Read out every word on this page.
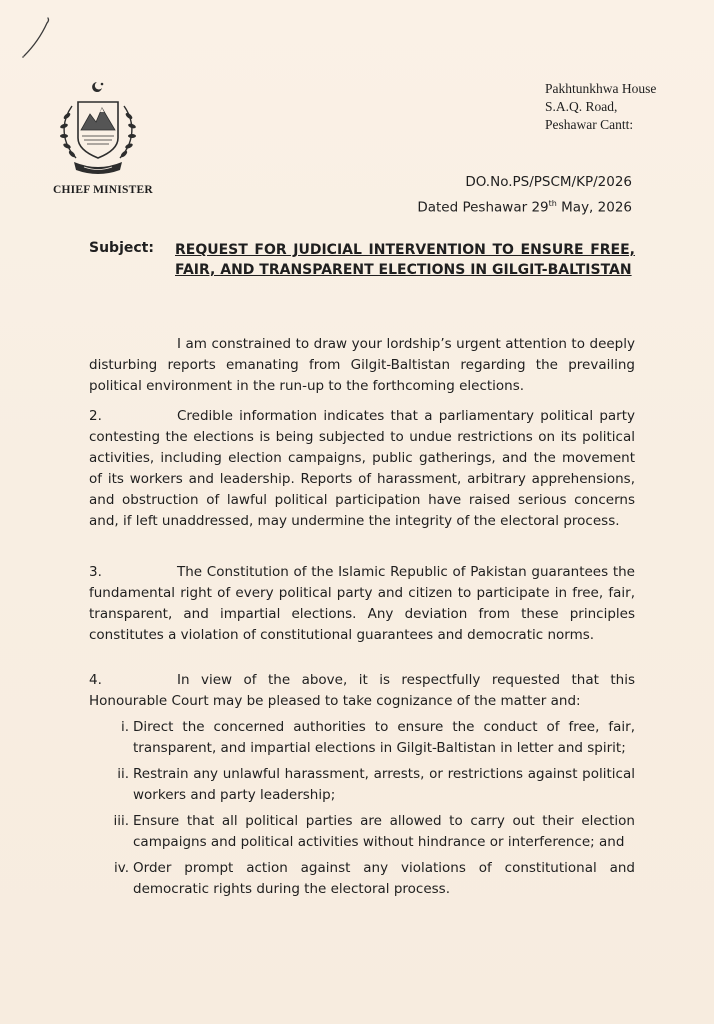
CHIEF MINISTER
Pakhtunkhwa House
S.A.Q. Road,
Peshawar Cantt:
DO.No.PS/PSCM/KP/2026
Dated Peshawar 29th May, 2026
Subject: REQUEST FOR JUDICIAL INTERVENTION TO ENSURE FREE, FAIR, AND TRANSPARENT ELECTIONS IN GILGIT-BALTISTAN
I am constrained to draw your lordship’s urgent attention to deeply disturbing reports emanating from Gilgit-Baltistan regarding the prevailing political environment in the run-up to the forthcoming elections.
2.	Credible information indicates that a parliamentary political party contesting the elections is being subjected to undue restrictions on its political activities, including election campaigns, public gatherings, and the movement of its workers and leadership. Reports of harassment, arbitrary apprehensions, and obstruction of lawful political participation have raised serious concerns and, if left unaddressed, may undermine the integrity of the electoral process.
3.	The Constitution of the Islamic Republic of Pakistan guarantees the fundamental right of every political party and citizen to participate in free, fair, transparent, and impartial elections. Any deviation from these principles constitutes a violation of constitutional guarantees and democratic norms.
4.	In view of the above, it is respectfully requested that this Honourable Court may be pleased to take cognizance of the matter and:
i. Direct the concerned authorities to ensure the conduct of free, fair, transparent, and impartial elections in Gilgit-Baltistan in letter and spirit;
ii. Restrain any unlawful harassment, arrests, or restrictions against political workers and party leadership;
iii. Ensure that all political parties are allowed to carry out their election campaigns and political activities without hindrance or interference; and
iv. Order prompt action against any violations of constitutional and democratic rights during the electoral process.
